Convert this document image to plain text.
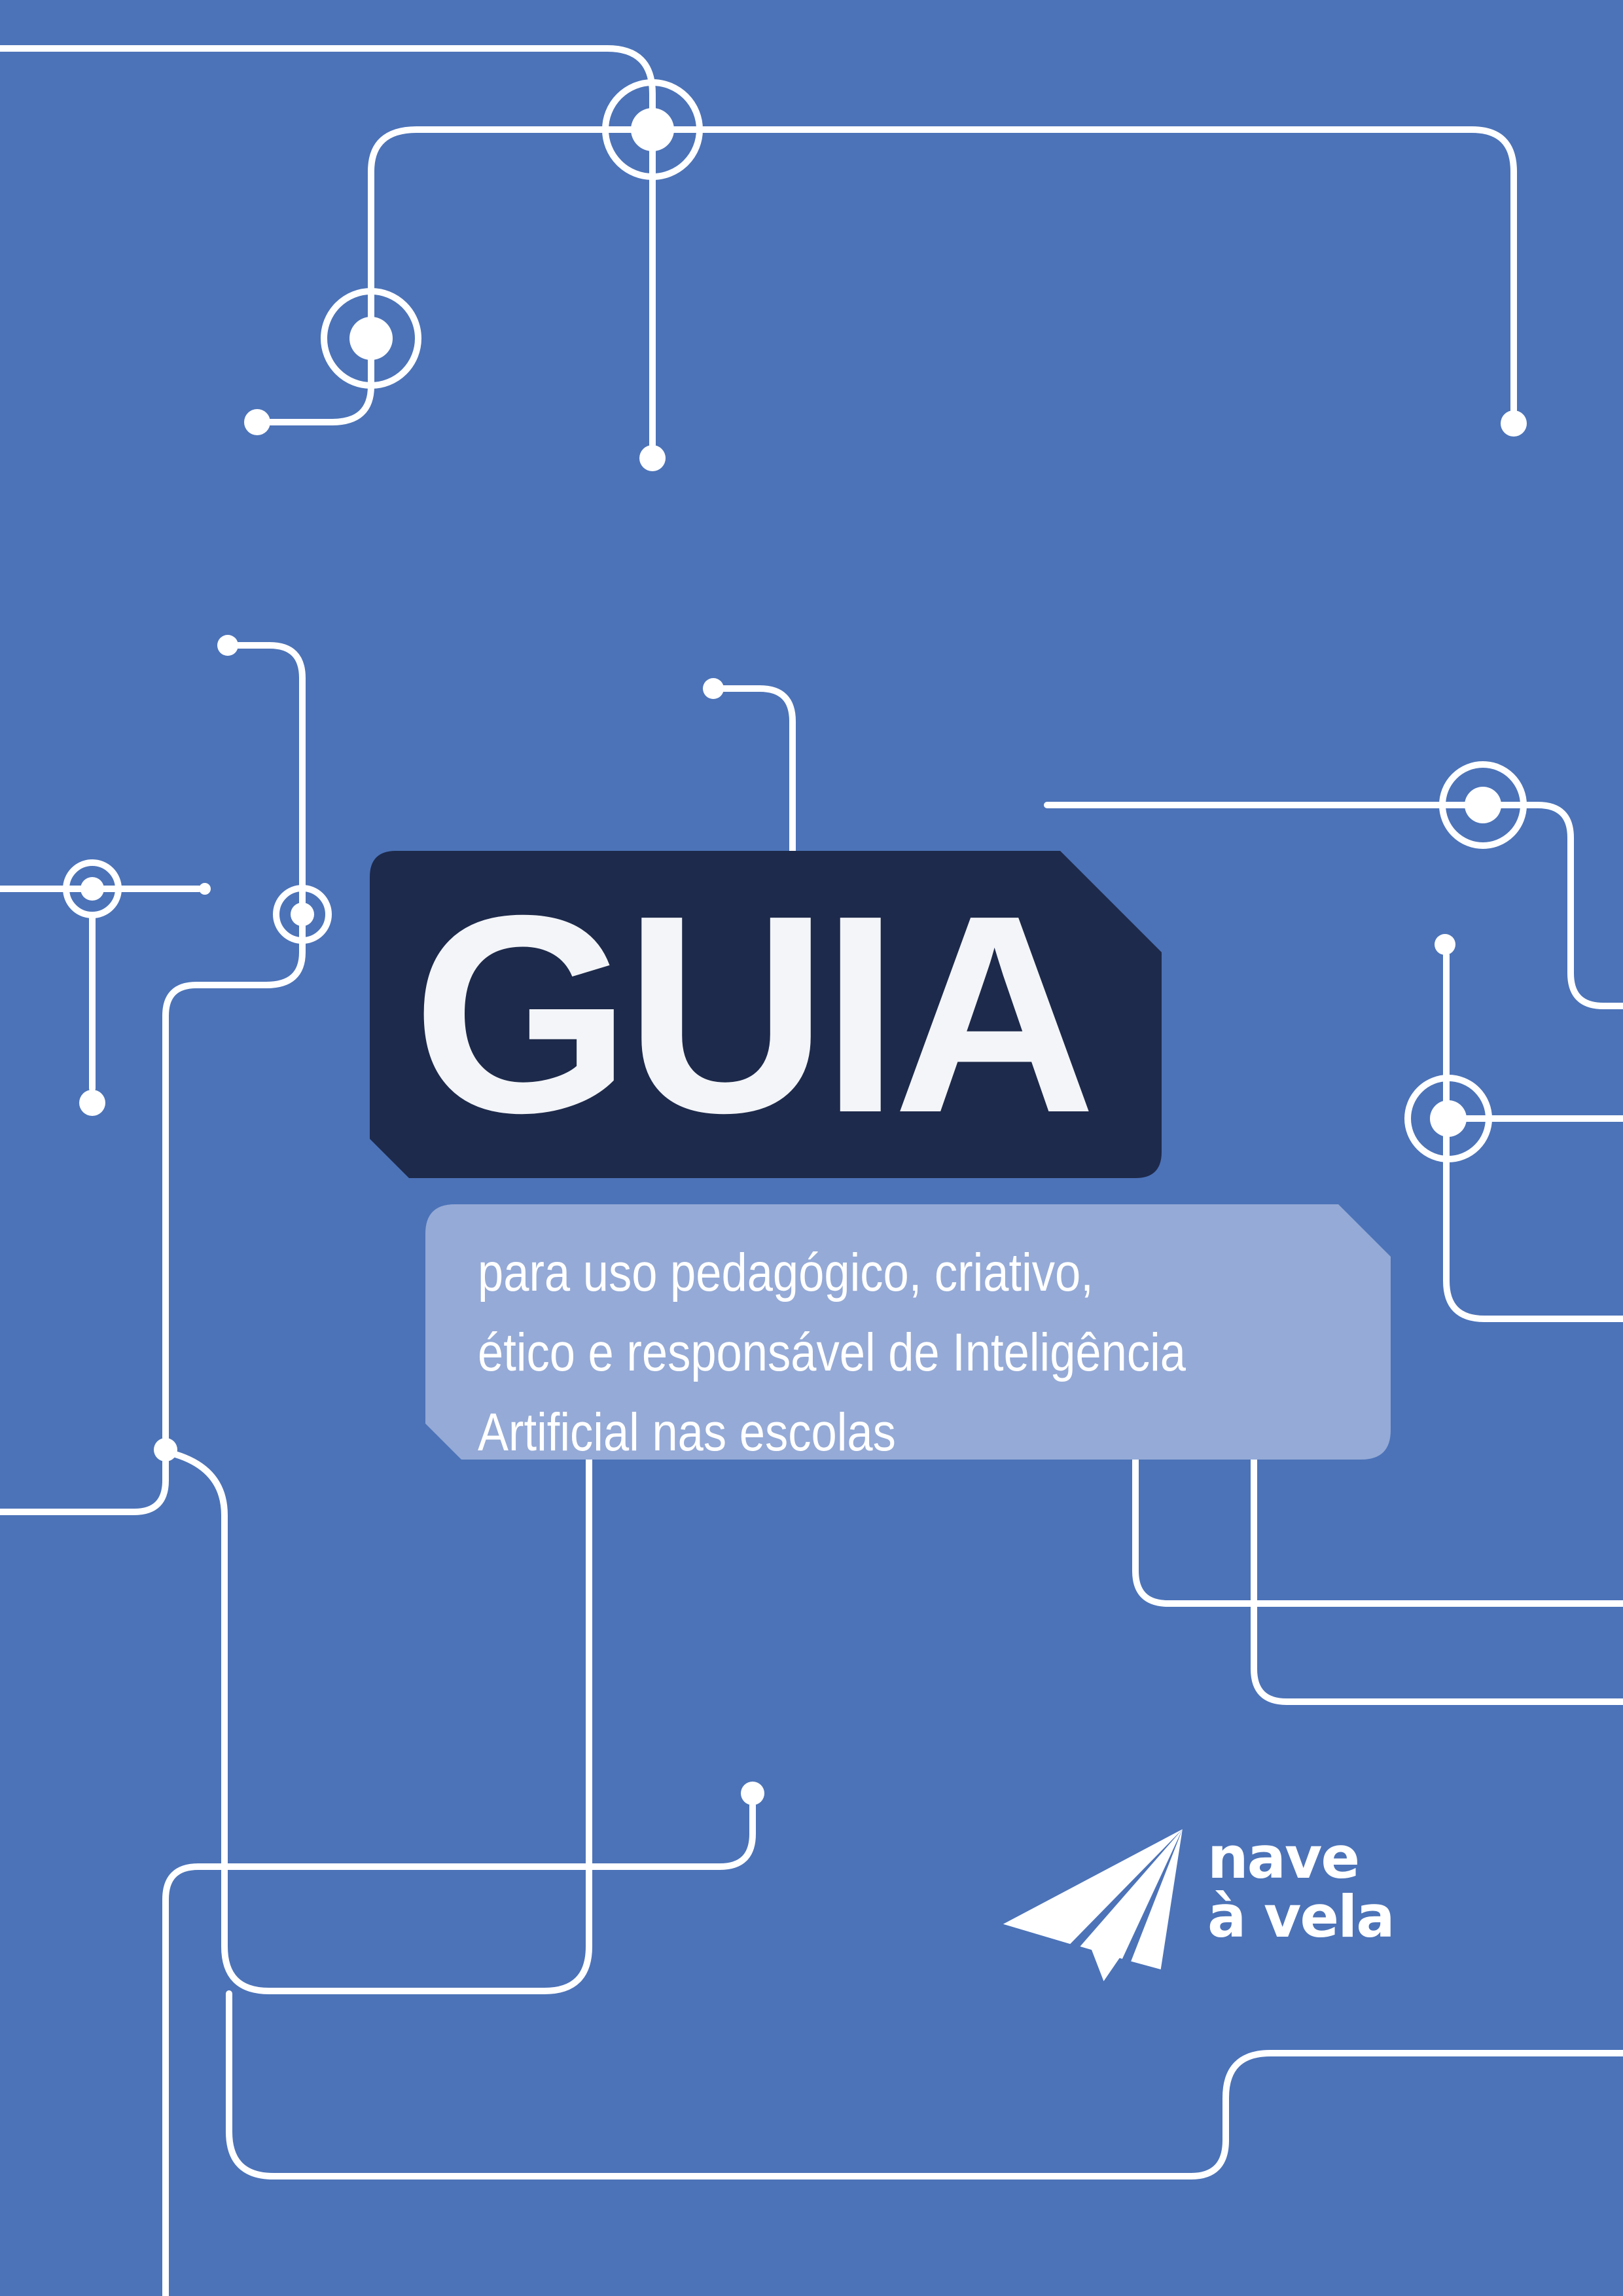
GUIA
para uso pedagógico, criativo,
ético e responsável de Inteligência
Artificial nas escolas
nave
à vela
